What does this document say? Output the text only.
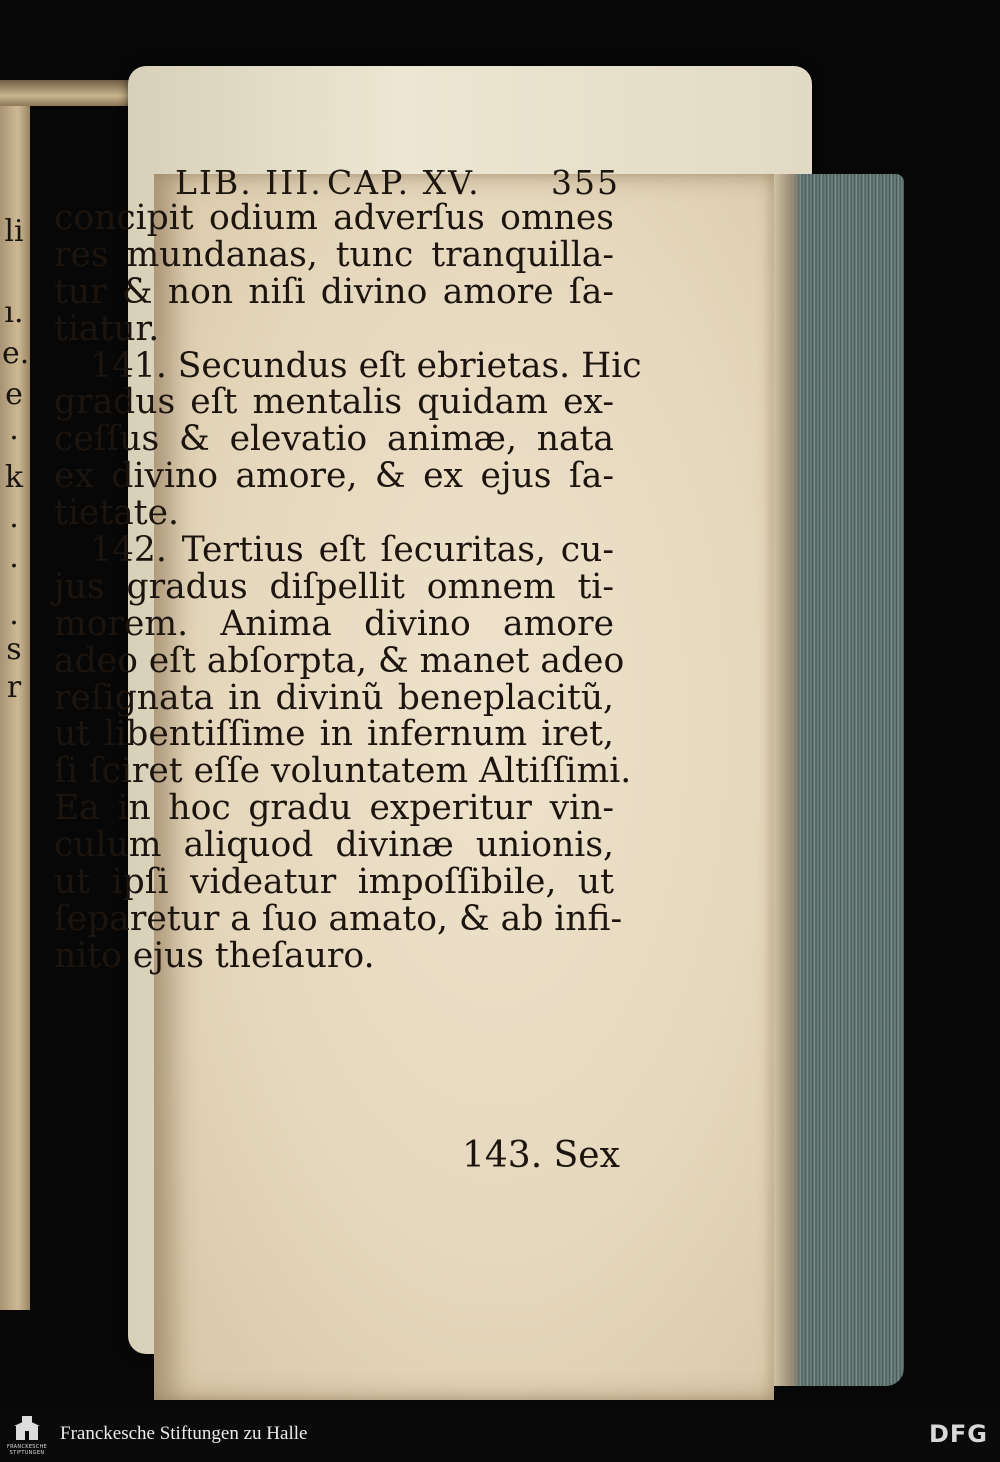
li
ı.
e.
e
.
k
.
.
.
s
r
LIB. III. CAP. XV. 355
concipit odium adverſus omnes
res mundanas, tunc tranquilla-
tur & non niſi divino amore ſa-
tiatur.
141. Secundus eſt ebrietas. Hic
gradus eſt mentalis quidam ex-
ceſſus & elevatio animæ, nata
ex divino amore, & ex ejus ſa-
tietate.
142. Tertius eſt ſecuritas, cu-
jus gradus diſpellit omnem ti-
morem. Anima divino amore
adeo eſt abſorpta, & manet adeo
reſignata in divinũ beneplacitũ,
ut libentiſſime in infernum iret,
ſi ſciret eſſe voluntatem Altiſſimi.
Ea in hoc gradu experitur vin-
culum aliquod divinæ unionis,
ut ipſi videatur impoſſibile, ut
ſeparetur a ſuo amato, & ab infi-
nito ejus theſauro.
143. Sex
FRANCKESCHE STIFTUNGEN
Franckesche Stiftungen zu Halle	DFG
